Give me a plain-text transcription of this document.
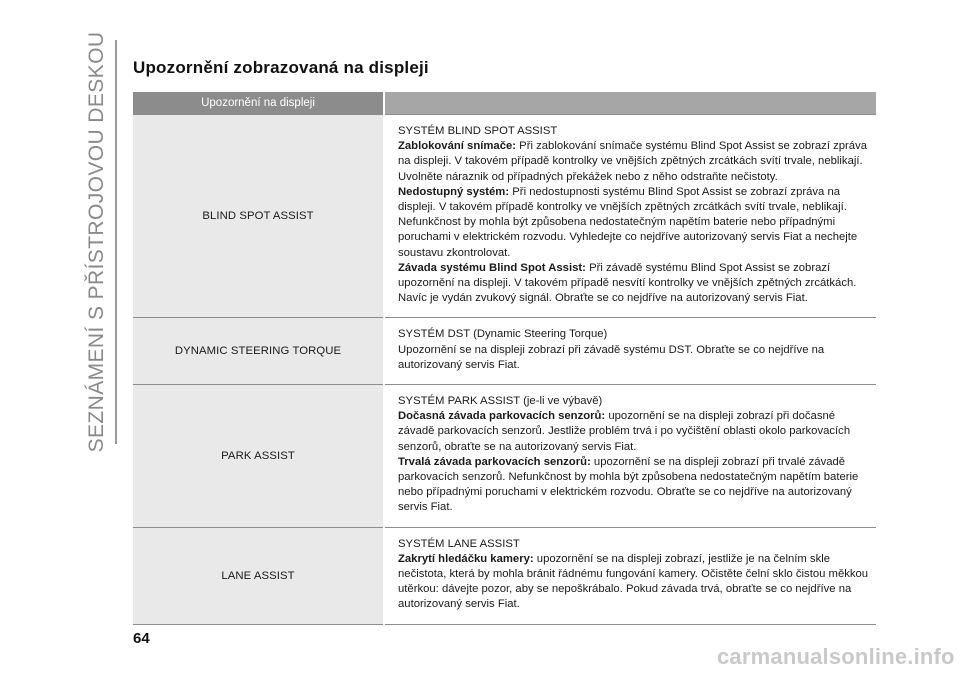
SEZNÁMENÍ S PŘÍSTROJOVOU DESKOU Upozornění zobrazovaná na displeji
Upozornění na displeji	
BLIND SPOT ASSIST	SYSTÉM BLIND SPOT ASSIST
Zablokování snímače: Při zablokování snímače systému Blind Spot Assist se zobrazí zpráva na displeji. V takovém případě kontrolky ve vnějších zpětných zrcátkách svítí trvale, neblikají. Uvolněte náraznik od případných překážek nebo z něho odstraňte nečistoty.
Nedostupný systém: Při nedostupnosti systému Blind Spot Assist se zobrazí zpráva na displeji. V takovém případě kontrolky ve vnějších zpětných zrcátkách svítí trvale, neblikají. Nefunkčnost by mohla být způsobena nedostatečným napětím baterie nebo případnými poruchami v elektrickém rozvodu. Vyhledejte co nejdříve autorizovaný servis Fiat a nechejte soustavu zkontrolovat.
Závada systému Blind Spot Assist: Při závadě systému Blind Spot Assist se zobrazí upozornění na displeji. V takovém případě nesvítí kontrolky ve vnějších zpětných zrcátkách. Navíc je vydán zvukový signál. Obraťte se co nejdříve na autorizovaný servis Fiat.

DYNAMIC STEERING TORQUE	SYSTÉM DST (Dynamic Steering Torque)
Upozornění se na displeji zobrazí při závadě systému DST. Obraťte se co nejdříve na autorizovaný servis Fiat.

PARK ASSIST	SYSTÉM PARK ASSIST (je-li ve výbavě)
Dočasná závada parkovacích senzorů: upozornění se na displeji zobrazí při dočasné závadě parkovacích senzorů. Jestliže problém trvá i po vyčištění oblasti okolo parkovacích senzorů, obraťte se na autorizovaný servis Fiat.
Trvalá závada parkovacích senzorů: upozornění se na displeji zobrazí při trvalé závadě parkovacích senzorů. Nefunkčnost by mohla být způsobena nedostatečným napětím baterie nebo případnými poruchami v elektrickém rozvodu. Obraťte se co nejdříve na autorizovaný servis Fiat.

LANE ASSIST	SYSTÉM LANE ASSIST
Zakrytí hledáčku kamery: upozornění se na displeji zobrazí, jestliže je na čelním skle nečistota, která by mohla bránit řádnému fungování kamery. Očistěte čelní sklo čistou měkkou utěrkou: dávejte pozor, aby se nepoškrábalo. Pokud závada trvá, obraťte se co nejdříve na autorizovaný servis Fiat.
64
carmanualsonline.info
